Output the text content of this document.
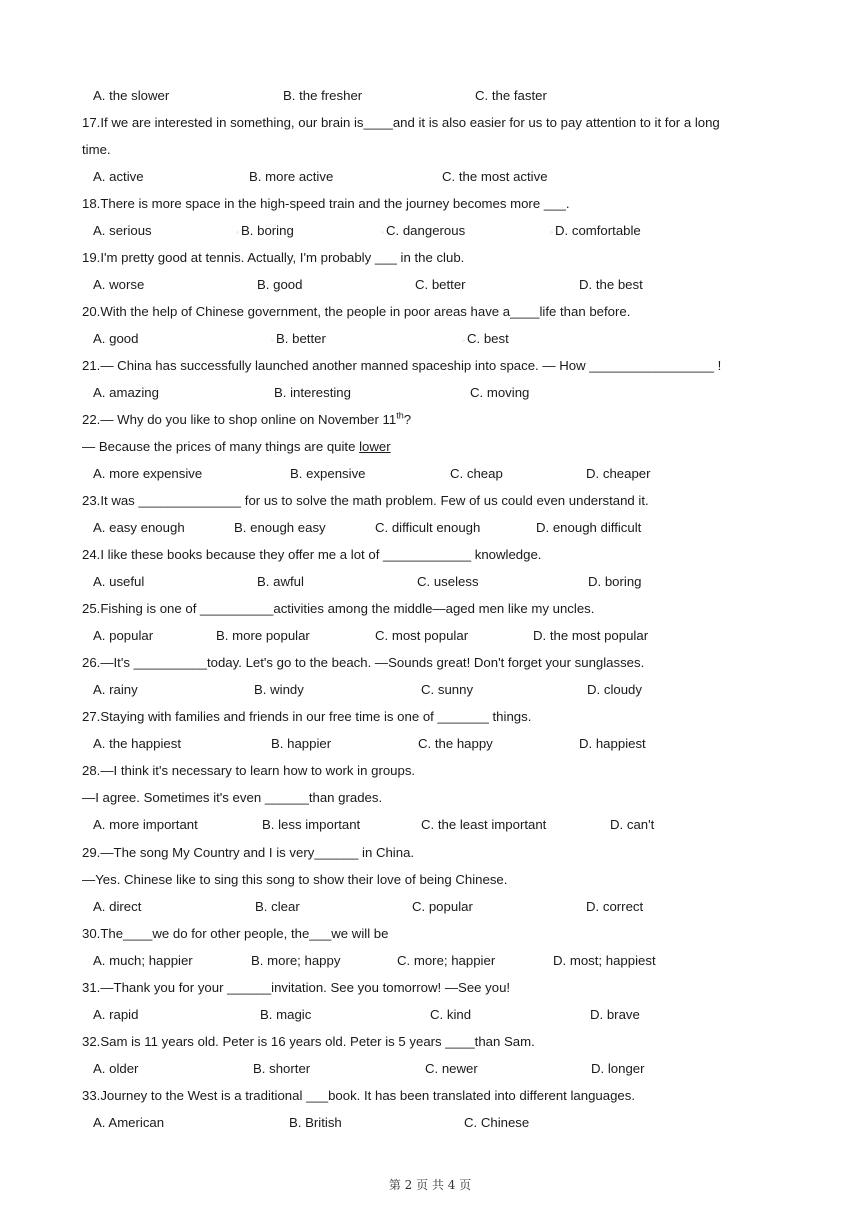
A. the slower	B. the fresher	C. the faster
17.If we are interested in something, our brain is____and it is also easier for us to pay attention to it for a long
time.
A. active	B. more active	C. the most active
18.There is more space in the high-speed train and the journey becomes more ___.
A. serious	◦ B. boring	◦ C. dangerous	◦ D. comfortable
19.I'm pretty good at tennis. Actually, I'm probably ___ in the club.
A. worse	B. good	C. better	D. the best
20.With the help of Chinese government, the people in poor areas have a____life than before.
A. good	◦ B. better	◦ C. best
21.— China has successfully launched another manned spaceship into space. — How _________________ !
A. amazing	B. interesting	C. moving
22.— Why do you like to shop online on November 11th?
— Because the prices of many things are quite lower
A. more expensive	B. expensive	C. cheap	D. cheaper
23.It was ______________ for us to solve the math problem. Few of us could even understand it.
A. easy enough	B. enough easy	C. difficult enough	D. enough difficult
24.I like these books because they offer me a lot of ____________ knowledge.
A. useful	B. awful	C. useless	D. boring
25.Fishing is one of __________activities among the middle—aged men like my uncles.
A. popular	B. more popular	C. most popular	D. the most popular
26.—It's __________today. Let's go to the beach. —Sounds great! Don't forget your sunglasses.
A. rainy	B. windy	C. sunny	D. cloudy
27.Staying with families and friends in our free time is one of _______ things.
A. the happiest	B. happier	C. the happy	D. happiest
28.—I think it's necessary to learn how to work in groups.
—I agree. Sometimes it's even ______than grades.
A. more important	B. less important	C. the least important	D. can't
29.—The song My Country and I is very______ in China.
—Yes. Chinese like to sing this song to show their love of being Chinese.
A. direct	B. clear	C. popular	D. correct
30.The____we do for other people, the___we will be
A. much; happier	B. more; happy	C. more; happier	D. most; happiest
31.—Thank you for your ______invitation. See you tomorrow! —See you!
A. rapid	B. magic	C. kind	D. brave
32.Sam is 11 years old. Peter is 16 years old. Peter is 5 years ____than Sam.
A. older	B. shorter	C. newer	D. longer
33.Journey to the West is a traditional ___book. It has been translated into different languages.
A. American	B. British	C. Chinese
第 2 页 共 4 页
